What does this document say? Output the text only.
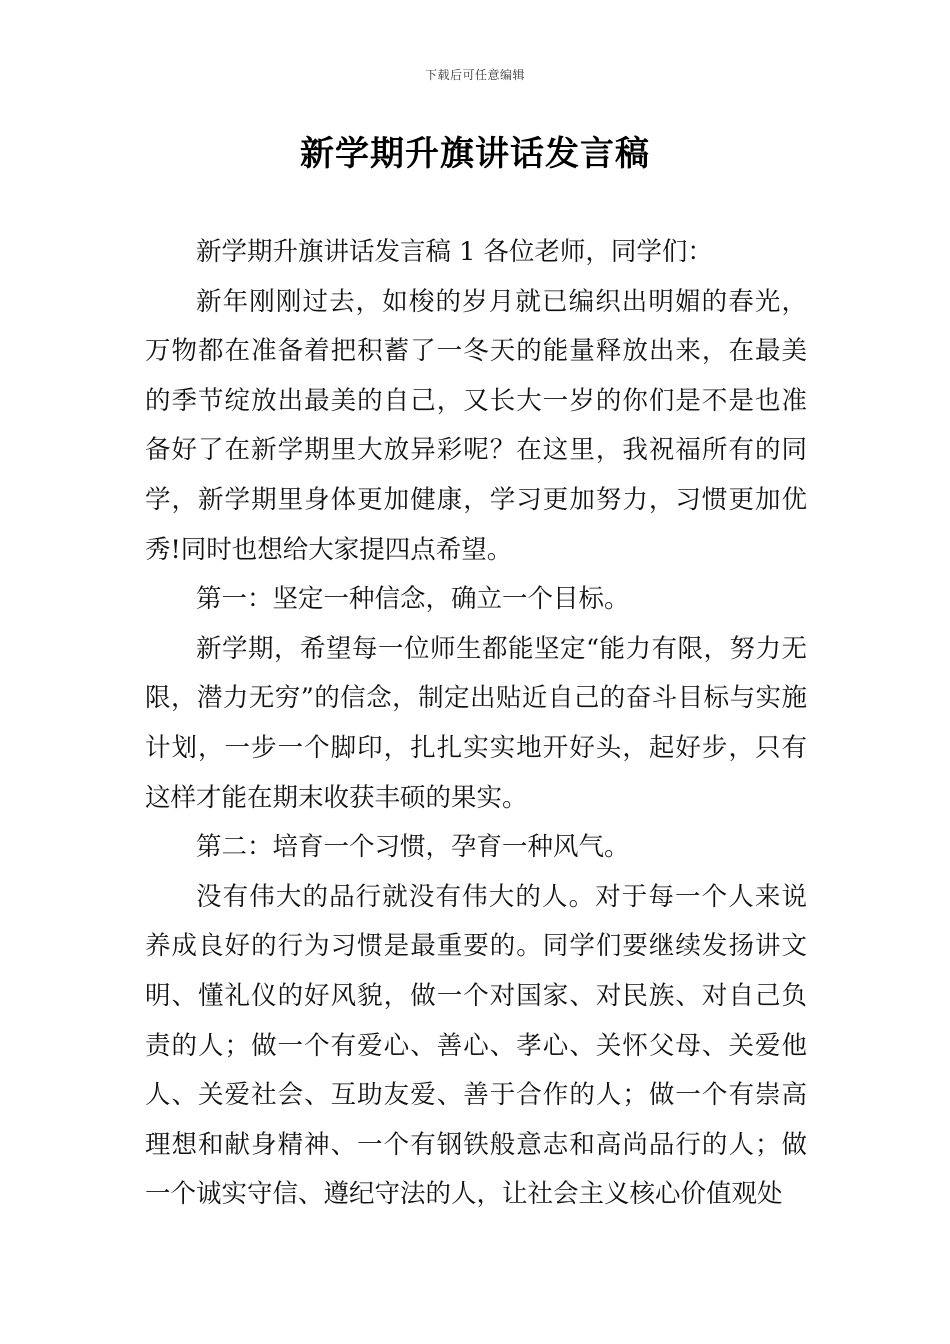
下载后可任意编辑
新学期升旗讲话发言稿

新学期升旗讲话发言稿 1 各位老师，同学们：

新年刚刚过去，如梭的岁月就已编织出明媚的春光，万物都在准备着把积蓄了一冬天的能量释放出来，在最美的季节绽放出最美的自己，又长大一岁的你们是不是也准备好了在新学期里大放异彩呢？在这里，我祝福所有的同学，新学期里身体更加健康，学习更加努力，习惯更加优秀!同时也想给大家提四点希望。

第一：坚定一种信念，确立一个目标。

新学期，希望每一位师生都能坚定“能力有限，努力无限，潜力无穷”的信念，制定出贴近自己的奋斗目标与实施计划，一步一个脚印，扎扎实实地开好头，起好步，只有这样才能在期末收获丰硕的果实。

第二：培育一个习惯，孕育一种风气。

没有伟大的品行就没有伟大的人。对于每一个人来说养成良好的行为习惯是最重要的。同学们要继续发扬讲文明、懂礼仪的好风貌，做一个对国家、对民族、对自己负责的人；做一个有爱心、善心、孝心、关怀父母、关爱他人、关爱社会、互助友爱、善于合作的人；做一个有崇高理想和献身精神、一个有钢铁般意志和高尚品行的人；做一个诚实守信、遵纪守法的人，让社会主义核心价值观处
